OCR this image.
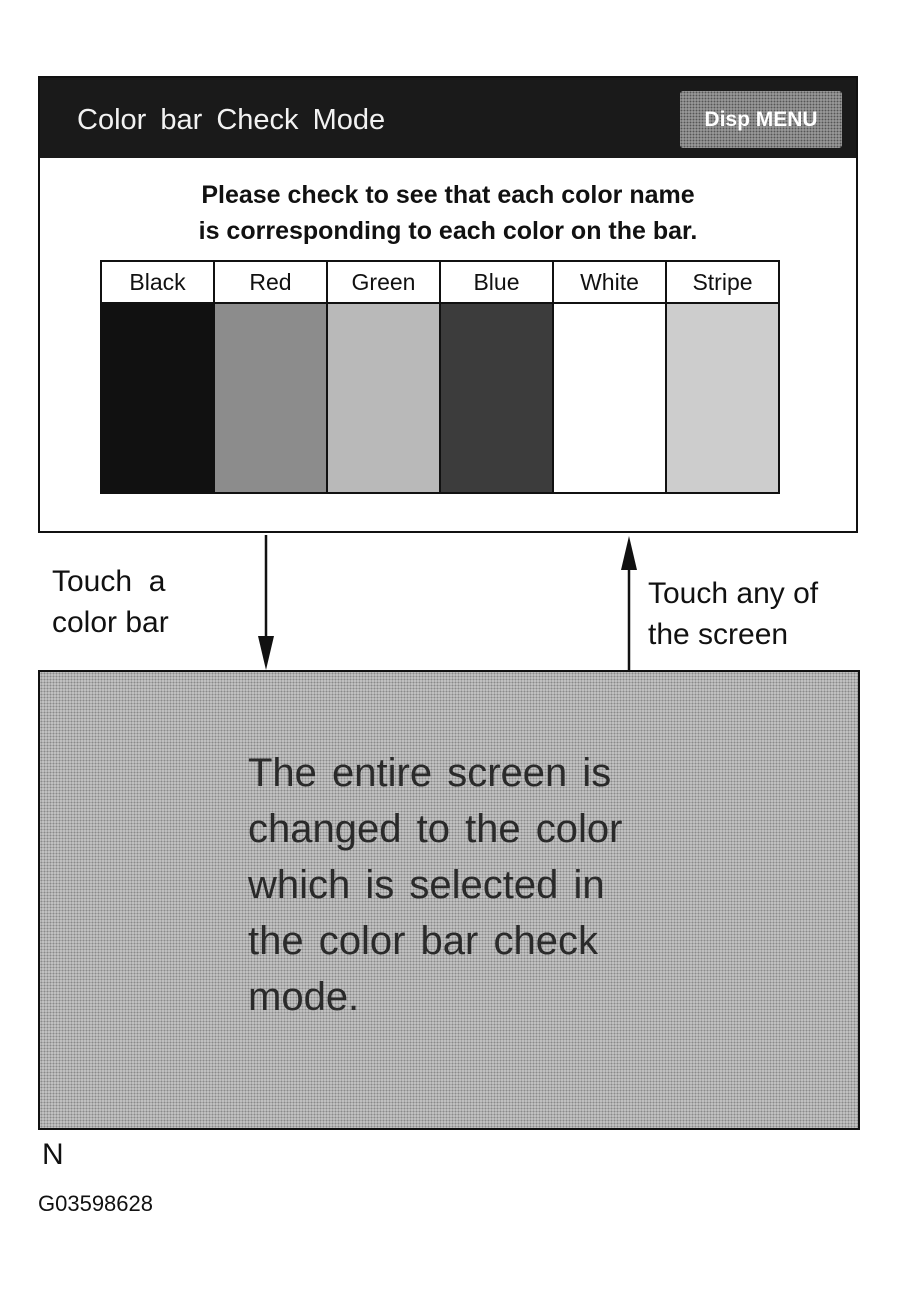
Color bar Check Mode	Disp MENU
Please check to see that each color name
is corresponding to each color on the bar.
Black	Red	Green	Blue	White	Stripe
Touch  a
color bar
Touch any of
the screen
The entire screen is
changed to the color
which is selected in
the color bar check
mode.
N
G03598628
